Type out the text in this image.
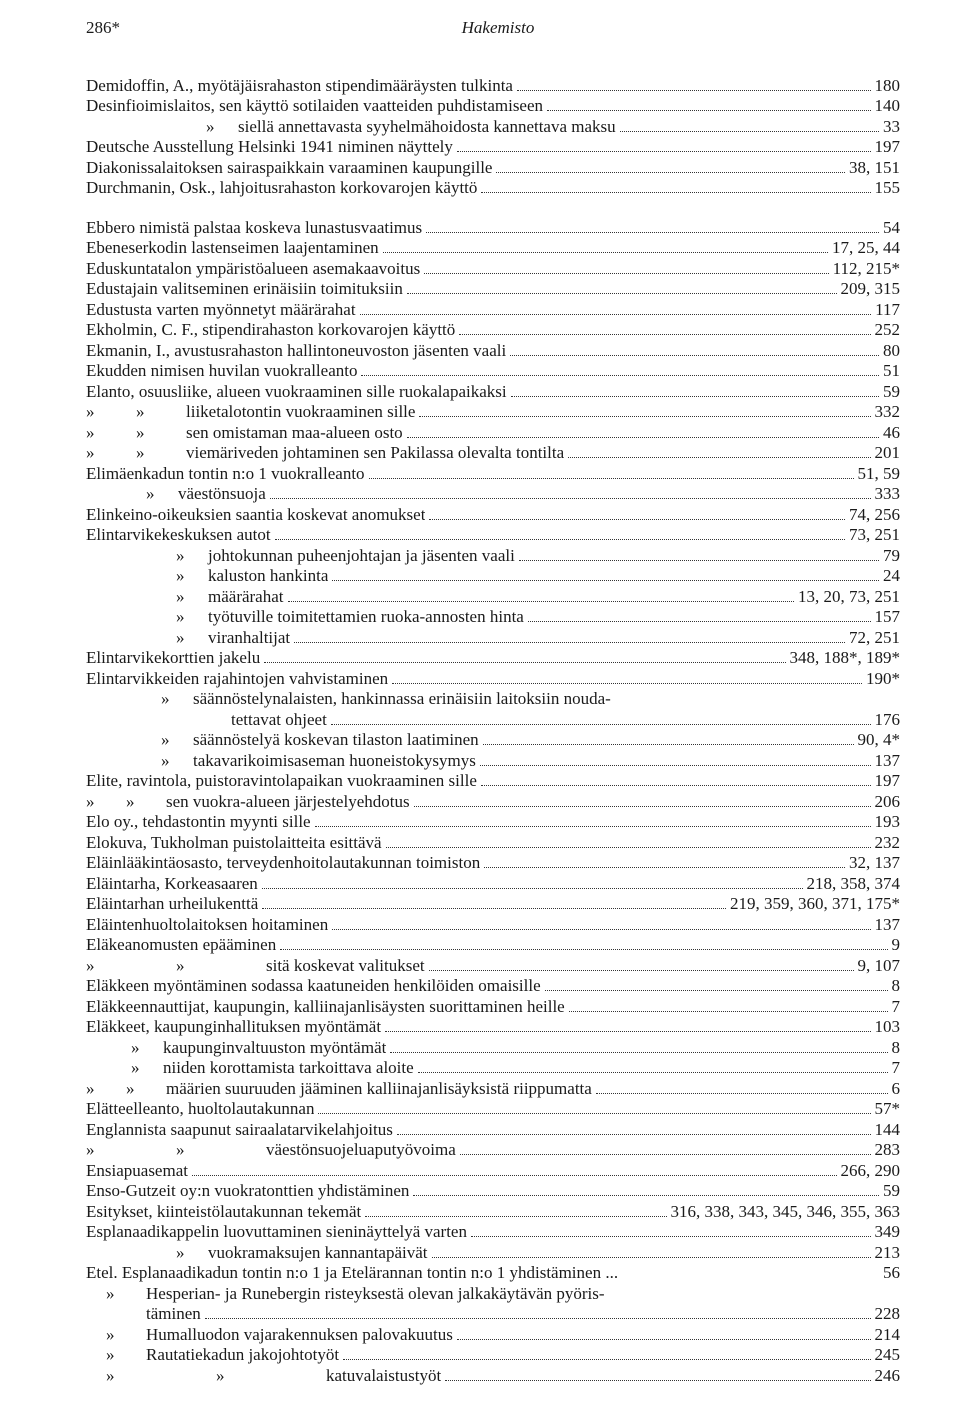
286*	Hakemisto
Demidoffin, A., myötäjäisrahaston stipendimääräysten tulkinta	180
Desinfioimislaitos, sen käyttö sotilaiden vaatteiden puhdistamiseen	140
» siellä annettavasta syyhelmähoidosta kannettava maksu	33
Deutsche Ausstellung Helsinki 1941 niminen näyttely	197
Diakonissalaitoksen sairaspaikkain varaaminen kaupungille	38, 151
Durchmanin, Osk., lahjoitusrahaston korkovarojen käyttö	155
Ebbero nimistä palstaa koskeva lunastusvaatimus	54
Ebeneserkodin lastenseimen laajentaminen	17, 25, 44
Eduskuntatalon ympäristöalueen asemakaavoitus	112, 215*
Edustajain valitseminen erinäisiin toimituksiin	209, 315
Edustusta varten myönnetyt määrärahat	117
Ekholmin, C. F., stipendirahaston korkovarojen käyttö	252
Ekmanin, I., avustusrahaston hallintoneuvoston jäsenten vaali	80
Ekudden nimisen huvilan vuokralleanto	51
Elanto, osuusliike, alueen vuokraaminen sille ruokalapaikaksi	59
» » liiketalotontin vuokraaminen sille	332
» » sen omistaman maa-alueen osto	46
» » viemäriveden johtaminen sen Pakilassa olevalta tontilta	201
Elimäenkadun tontin n:o 1 vuokralleanto	51, 59
» väestönsuoja	333
Elinkeino-oikeuksien saantia koskevat anomukset	74, 256
Elintarvikekeskuksen autot	73, 251
» johtokunnan puheenjohtajan ja jäsenten vaali	79
» kaluston hankinta	24
» määrärahat	13, 20, 73, 251
» työtuville toimitettamien ruoka-annosten hinta	157
» viranhaltijat	72, 251
Elintarvikekorttien jakelu	348, 188*, 189*
Elintarvikkeiden rajahintojen vahvistaminen	190*
» säännöstelynalaisten, hankinnassa erinäisiin laitoksiin nouda-
tettavat ohjeet	176
» säännöstelyä koskevan tilaston laatiminen	90, 4*
» takavarikoimisaseman huoneistokysymys	137
Elite, ravintola, puistoravintolapaikan vuokraaminen sille	197
» » sen vuokra-alueen järjestelyehdotus	206
Elo oy., tehdastontin myynti sille	193
Elokuva, Tukholman puistolaitteita esittävä	232
Eläinlääkintäosasto, terveydenhoitolautakunnan toimiston	32, 137
Eläintarha, Korkeasaaren	218, 358, 374
Eläintarhan urheilukenttä	219, 359, 360, 371, 175*
Eläintenhuoltolaitoksen hoitaminen	137
Eläkeanomusten epääminen	9
»	»	sitä koskevat valitukset	9, 107
Eläkkeen myöntäminen sodassa kaatuneiden henkilöiden omaisille	8
Eläkkeennauttijat, kaupungin, kalliinajanlisäysten suorittaminen heille	7
Eläkkeet, kaupunginhallituksen myöntämät	103
» kaupunginvaltuuston myöntämät	8
» niiden korottamista tarkoittava aloite	7
» » määrien suuruuden jääminen kalliinajanlisäyksistä riippumatta	6
Elätteelleanto, huoltolautakunnan	57*
Englannista saapunut sairaalatarvikelahjoitus	144
»	»	väestönsuojeluaputyövoima	283
Ensiapuasemat	266, 290
Enso-Gutzeit oy:n vuokratonttien yhdistäminen	59
Esitykset, kiinteistölautakunnan tekemät	316, 338, 343, 345, 346, 355, 363
Esplanaadikappelin luovuttaminen sieninäyttelyä varten	349
» vuokramaksujen kannantapäivät	213
Etel. Esplanaadikadun tontin n:o 1 ja Etelärannan tontin n:o 1 yhdistäminen ...	56
» Hesperian- ja Runebergin risteyksestä olevan jalkakäytävän pyöris-
täminen	228
» Humalluodon vajarakennuksen palovakuutus	214
» Rautatiekadun jakojohtotyöt	245
»	»	katuvalaistustyöt	246
